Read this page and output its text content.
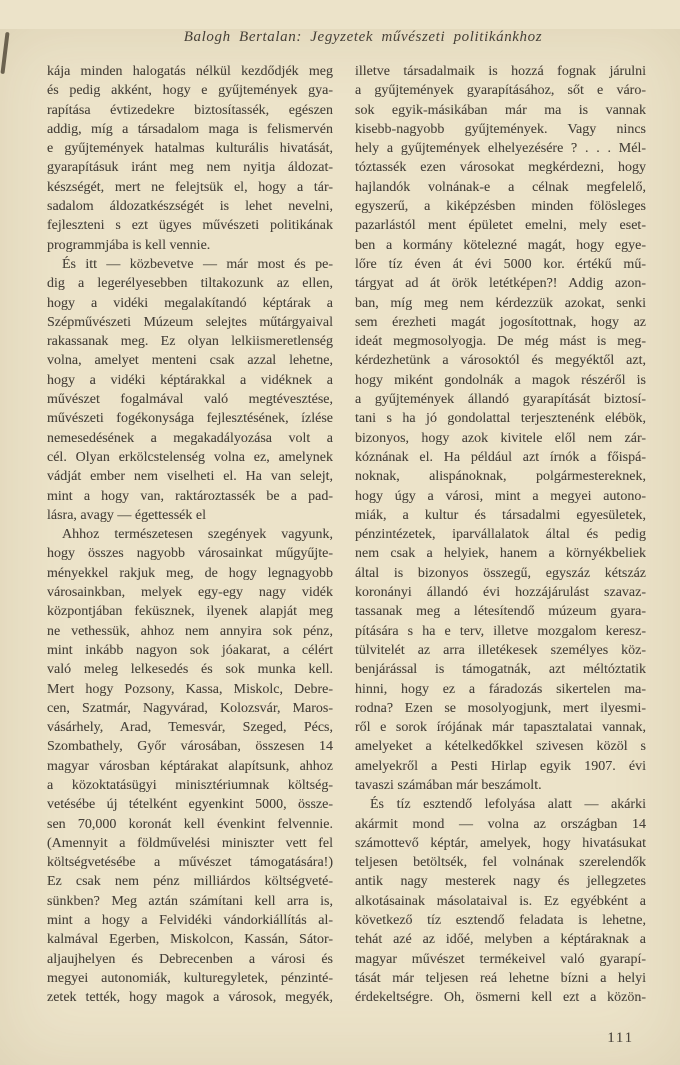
Balogh Bertalan: Jegyzetek művészeti politikánkhoz
kája minden halogatás nélkül kezdődjék meg
és pedig akként, hogy e gyűjtemények gya-
rapítása évtizedekre biztosítassék, egészen
addig, míg a társadalom maga is felismervén
e gyűjtemények hatalmas kulturális hivatását,
gyarapításuk iránt meg nem nyitja áldozat-
készségét, mert ne felejtsük el, hogy a tár-
sadalom áldozatkészségét is lehet nevelni,
fejleszteni s ezt ügyes művészeti politikának
programmjába is kell vennie.
És itt — közbevetve — már most és pe-
dig a legerélyesebben tiltakozunk az ellen,
hogy a vidéki megalakítandó képtárak a
Szépművészeti Múzeum selejtes műtárgyaival
rakassanak meg. Ez olyan lelkiismeretlenség
volna, amelyet menteni csak azzal lehetne,
hogy a vidéki képtárakkal a vidéknek a
művészet fogalmával való megtévesztése,
művészeti fogékonysága fejlesztésének, ízlése
nemesedésének a megakadályozása volt a
cél. Olyan erkölcstelenség volna ez, amelynek
vádját ember nem viselheti el. Ha van selejt,
mint a hogy van, raktároztassék be a pad-
lásra, avagy — égettessék el
Ahhoz természetesen szegények vagyunk,
hogy összes nagyobb városainkat műgyűjte-
ményekkel rakjuk meg, de hogy legnagyobb
városainkban, melyek egy-egy nagy vidék
központjában feküsznek, ilyenek alapját meg
ne vethessük, ahhoz nem annyira sok pénz,
mint inkább nagyon sok jóakarat, a célért
való meleg lelkesedés és sok munka kell.
Mert hogy Pozsony, Kassa, Miskolc, Debre-
cen, Szatmár, Nagyvárad, Kolozsvár, Maros-
vásárhely, Arad, Temesvár, Szeged, Pécs,
Szombathely, Győr városában, összesen 14
magyar városban képtárakat alapítsunk, ahhoz
a közoktatásügyi minisztériumnak költség-
vetésébe új tételként egyenkint 5000, össze-
sen 70,000 koronát kell évenkint felvennie.
(Amennyit a földművelési miniszter vett fel
költségvetésébe a művészet támogatására!)
Ez csak nem pénz milliárdos költségveté-
sünkben? Meg aztán számítani kell arra is,
mint a hogy a Felvidéki vándorkiállítás al-
kalmával Egerben, Miskolcon, Kassán, Sátor-
aljaujhelyen és Debrecenben a városi és
megyei autonomiák, kulturegyletek, pénzinté-
zetek tették, hogy magok a városok, megyék,
illetve társadalmaik is hozzá fognak járulni
a gyűjtemények gyarapításához, sőt e váro-
sok egyik-másikában már ma is vannak
kisebb-nagyobb gyűjtemények. Vagy nincs
hely a gyűjtemények elhelyezésére ? . . . Mél-
tóztassék ezen városokat megkérdezni, hogy
hajlandók volnának-e a célnak megfelelő,
egyszerű, a kiképzésben minden fölösleges
pazarlástól ment épületet emelni, mely eset-
ben a kormány kötelezné magát, hogy egye-
lőre tíz éven át évi 5000 kor. értékű mű-
tárgyat ad át örök letétképen?! Addig azon-
ban, míg meg nem kérdezzük azokat, senki
sem érezheti magát jogosítottnak, hogy az
ideát megmosolyogja. De még mást is meg-
kérdezhetünk a városoktól és megyéktől azt,
hogy miként gondolnák a magok részéről is
a gyűjtemények állandó gyarapítását biztosí-
tani s ha jó gondolattal terjesztenénk elébök,
bizonyos, hogy azok kivitele elől nem zár-
kóznának el. Ha például azt írnók a főispá-
noknak, alispánoknak, polgármestereknek,
hogy úgy a városi, mint a megyei autono-
miák, a kultur és társadalmi egyesületek,
pénzintézetek, iparvállalatok által és pedig
nem csak a helyiek, hanem a környékbeliek
által is bizonyos összegű, egyszáz kétszáz
koronányi állandó évi hozzájárulást szavaz-
tassanak meg a létesítendő múzeum gyara-
pítására s ha e terv, illetve mozgalom keresz-
tülvitelét az arra illetékesek személyes köz-
benjárással is támogatnák, azt méltóztatik
hinni, hogy ez a fáradozás sikertelen ma-
rodna? Ezen se mosolyogjunk, mert ilyesmi-
ről e sorok írójának már tapasztalatai vannak,
amelyeket a kételkedőkkel szivesen közöl s
amelyekről a Pesti Hirlap egyik 1907. évi
tavaszi számában már beszámolt.
És tíz esztendő lefolyása alatt — akárki
akármit mond — volna az országban 14
számottevő képtár, amelyek, hogy hivatásukat
teljesen betöltsék, fel volnának szerelendők
antik nagy mesterek nagy és jellegzetes
alkotásainak másolataival is. Ez egyébként a
következő tíz esztendő feladata is lehetne,
tehát azé az időé, melyben a képtáraknak a
magyar művészet termékeivel való gyarapí-
tását már teljesen reá lehetne bízni a helyi
érdekeltségre. Oh, ösmerni kell ezt a közön-
111
